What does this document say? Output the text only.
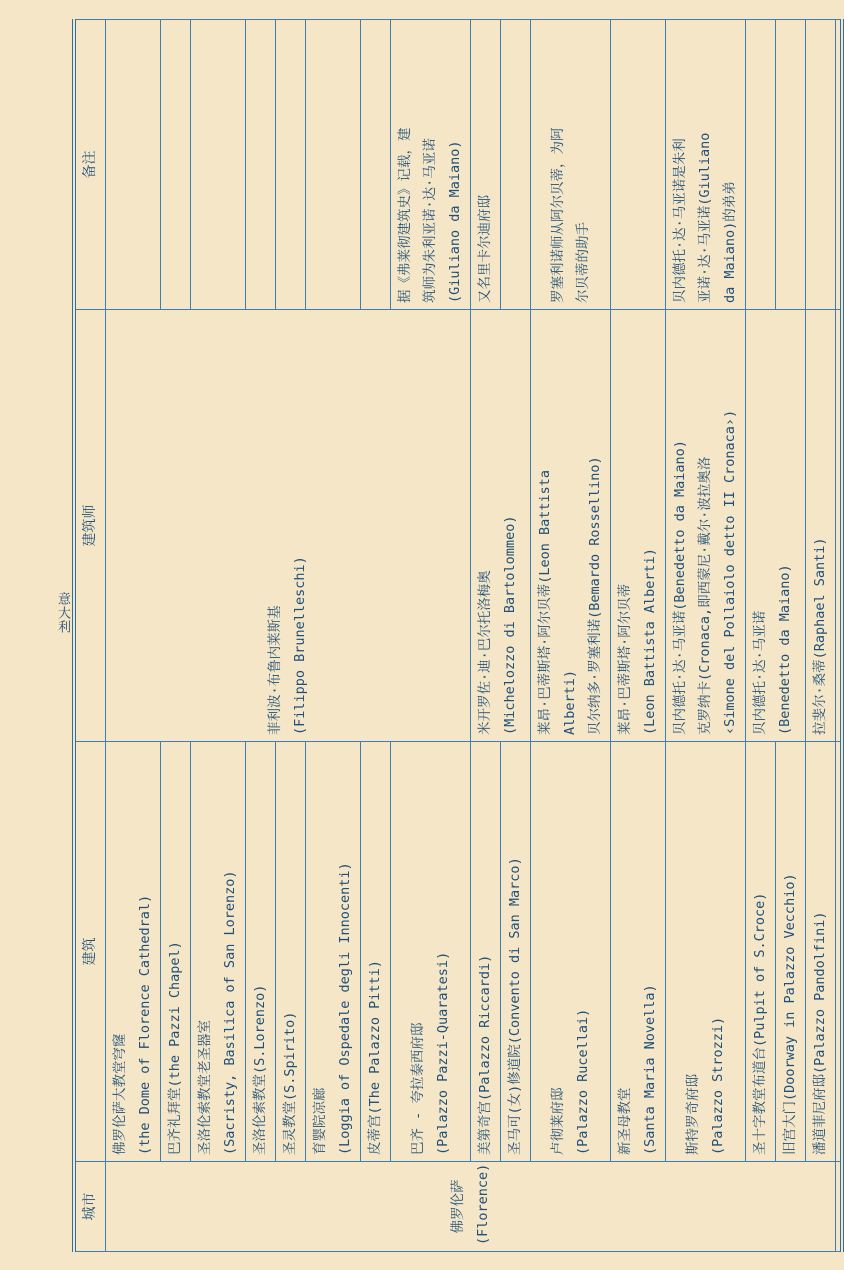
意大利
城市	建筑	建筑师	备注

佛罗伦萨 (Florence)	佛罗伦萨大教堂穹窿 (the Dome of Florence Cathedral)	菲利波·布鲁内莱斯基 (Filippo Brunelleschi)	

	巴齐礼拜堂(the Pazzi Chapel)		

	圣洛伦索教堂老圣器室 (Sacristy, Basilica of San Lorenzo)		

	圣洛伦索教堂(S.Lorenzo)		

	圣灵教堂(S.Spirito)		

	育婴院凉廊 (Loggia of Ospedale degli Innocenti)		

	皮蒂宫(The Palazzo Pitti)		

	巴齐 - 夸拉泰西府邸 (Palazzo Pazzi-Quaratesi)		据《弗莱彻建筑史》记载，建 筑师为朱利亚诺·达·马亚诺 (Giuliano da Maiano)

	美第奇宫(Palazzo Riccardi)	米开罗佐·迪·巴尔托洛梅奥 (Michelozzo di Bartolommeo)	又名里卡尔迪府邸

	圣马可(女)修道院(Convento di San Marco)		

	卢彻莱府邸 (Palazzo Rucellai)	莱昂·巴蒂斯塔·阿尔贝蒂(Leon Battista Alberti) 贝尔纳多·罗塞利诺(Bemardo Rossellino)	罗塞利诺师从阿尔贝蒂，为阿 尔贝蒂的助手

	新圣母教堂 (Santa Maria Novella)	莱昂·巴蒂斯塔·阿尔贝蒂 (Leon Battista Alberti)	

	斯特罗奇府邸 (Palazzo Strozzi)	贝内德托·达·马亚诺(Benedetto da Maiano) 克罗纳卡(Cronaca,即西蒙尼·戴尔·波拉奥洛 ‹Simone del Pollaiolo detto II Cronaca›)	贝内德托·达·马亚诺是朱利 亚诺·达·马亚诺(Giuliano da Maiano)的弟弟

	圣十字教堂布道台(Pulpit of S.Croce)	贝内德托·达·马亚诺 (Benedetto da Maiano)	

	旧宫大门(Doorway in Palazzo Vecchio)		

	潘道菲尼府邸(Palazzo Pandolfini)	拉斐尔·桑蒂(Raphael Santi)	
